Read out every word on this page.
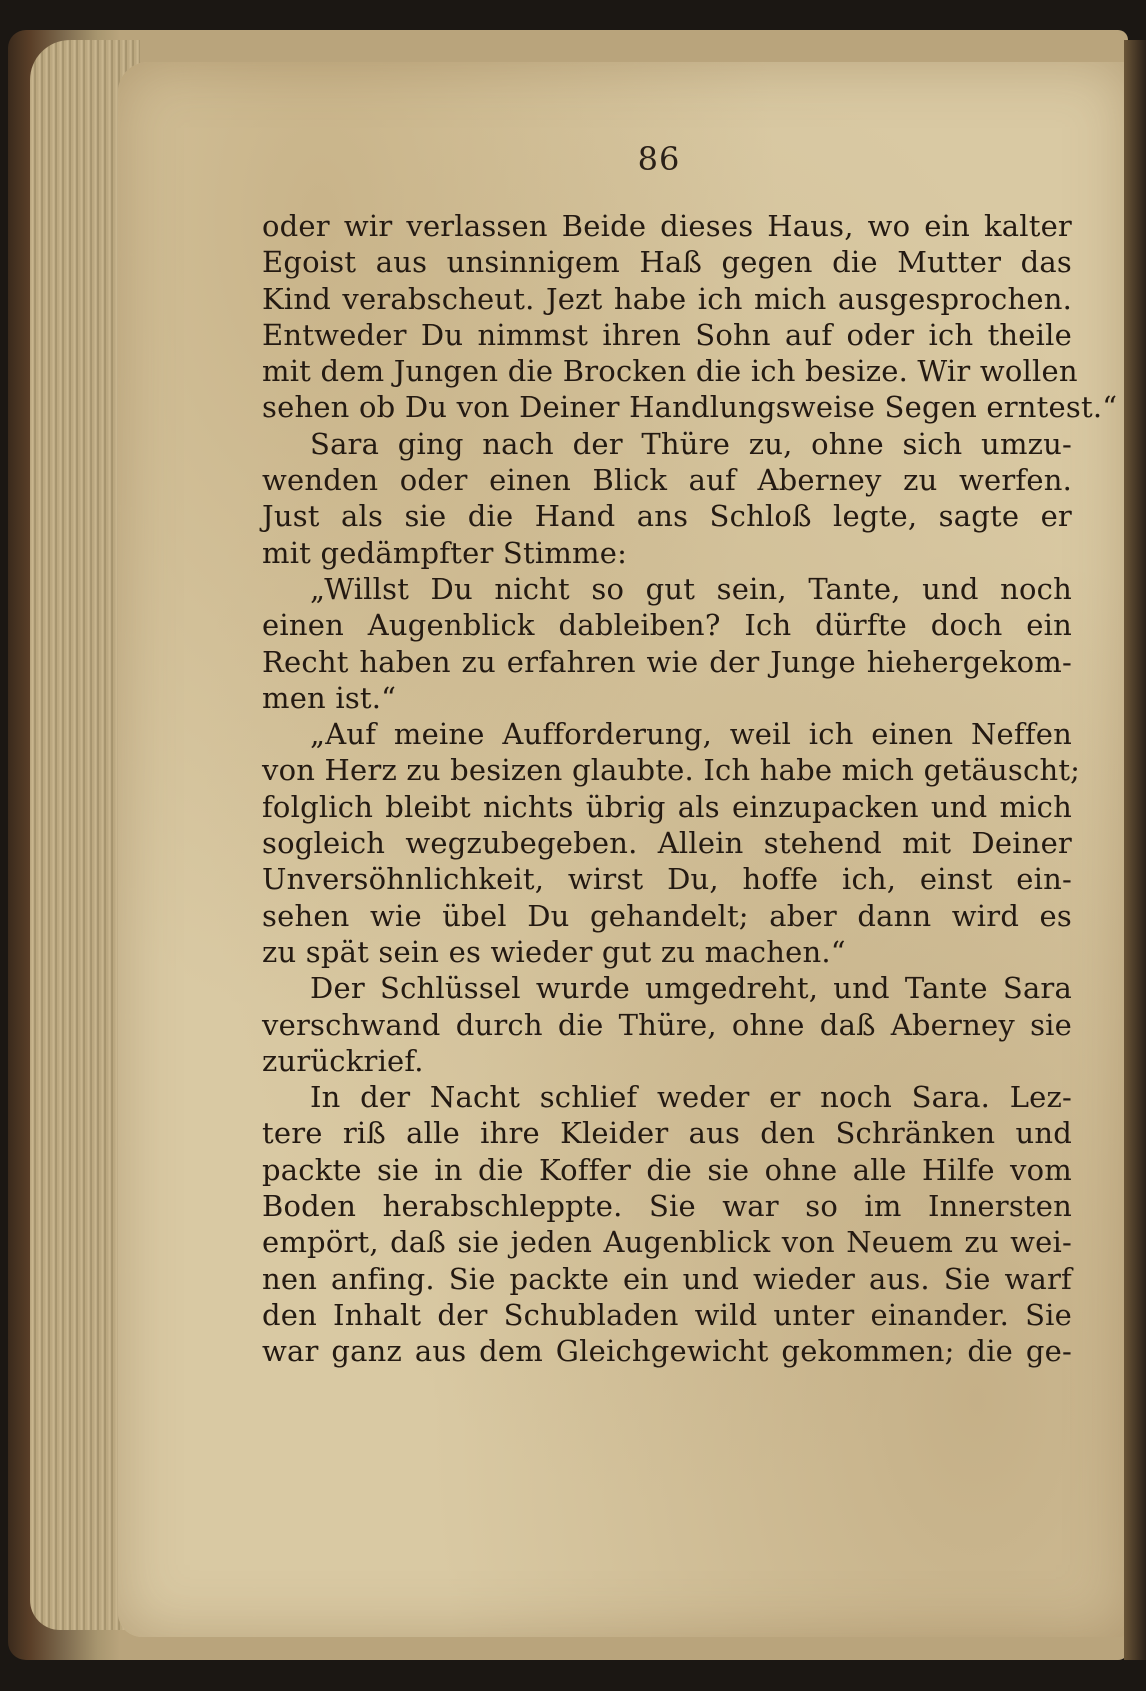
86
oder wir verlassen Beide dieses Haus, wo ein kalter
Egoist aus unsinnigem Haß gegen die Mutter das
Kind verabscheut. Jezt habe ich mich ausgesprochen.
Entweder Du nimmst ihren Sohn auf oder ich theile
mit dem Jungen die Brocken die ich besize. Wir wollen
sehen ob Du von Deiner Handlungsweise Segen erntest.“
Sara ging nach der Thüre zu, ohne sich umzu-
wenden oder einen Blick auf Aberney zu werfen.
Just als sie die Hand ans Schloß legte, sagte er
mit gedämpfter Stimme:
„Willst Du nicht so gut sein, Tante, und noch
einen Augenblick dableiben? Ich dürfte doch ein
Recht haben zu erfahren wie der Junge hiehergekom-
men ist.“
„Auf meine Aufforderung, weil ich einen Neffen
von Herz zu besizen glaubte. Ich habe mich getäuscht;
folglich bleibt nichts übrig als einzupacken und mich
sogleich wegzubegeben. Allein stehend mit Deiner
Unversöhnlichkeit, wirst Du, hoffe ich, einst ein-
sehen wie übel Du gehandelt; aber dann wird es
zu spät sein es wieder gut zu machen.“
Der Schlüssel wurde umgedreht, und Tante Sara
verschwand durch die Thüre, ohne daß Aberney sie
zurückrief.
In der Nacht schlief weder er noch Sara. Lez-
tere riß alle ihre Kleider aus den Schränken und
packte sie in die Koffer die sie ohne alle Hilfe vom
Boden herabschleppte. Sie war so im Innersten
empört, daß sie jeden Augenblick von Neuem zu wei-
nen anfing. Sie packte ein und wieder aus. Sie warf
den Inhalt der Schubladen wild unter einander. Sie
war ganz aus dem Gleichgewicht gekommen; die ge-
